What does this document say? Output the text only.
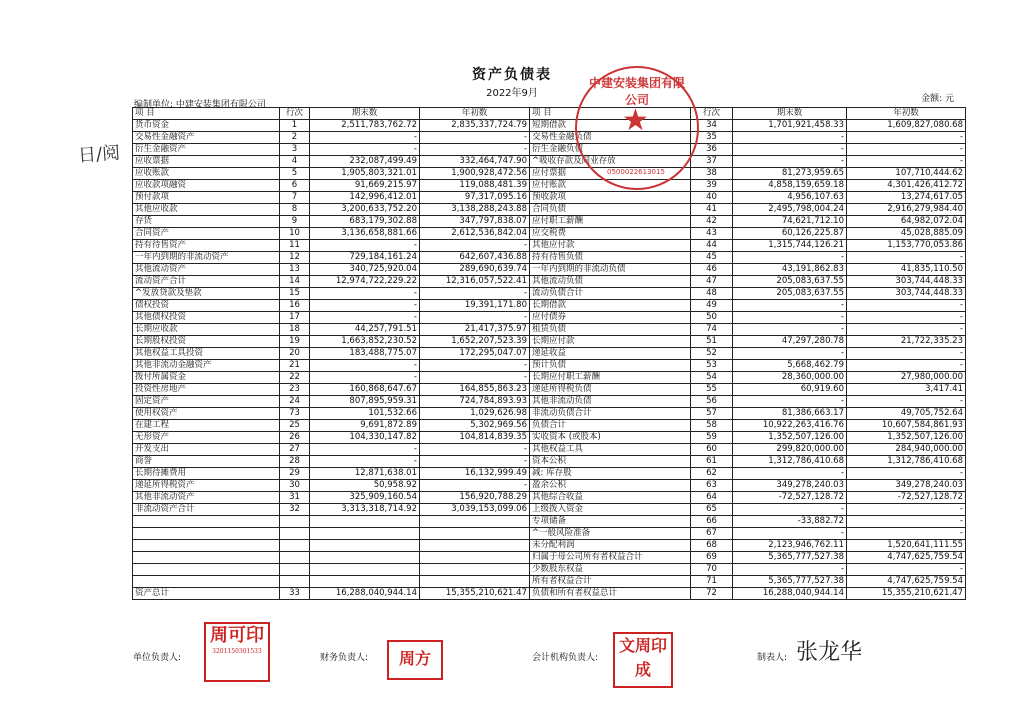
资产负债表
2022年9月
编制单位: 中建安装集团有限公司
金额: 元
日/阅
项 目	行次	期末数	年初数	项 目	行次	期末数	年初数
货币资金	1	2,511,783,762.72	2,835,337,724.79	短期借款	34	1,701,921,458.33	1,609,827,080.68
交易性金融资产	2	-	-	交易性金融负债	35	-	-
衍生金融资产	3	-	-	衍生金融负债	36	-	-
应收票据	4	232,087,499.49	332,464,747.90	^吸收存款及同业存放	37	-	-
应收账款	5	1,905,803,321.01	1,900,928,472.56	应付票据	38	81,273,959.65	107,710,444.62
应收款项融资	6	91,669,215.97	119,088,481.39	应付账款	39	4,858,159,659.18	4,301,426,412.72
预付款项	7	142,996,412.01	97,317,095.16	预收款项	40	4,956,107.63	13,274,617.05
其他应收款	8	3,200,633,752.20	3,138,288,243.88	合同负债	41	2,495,798,004.24	2,916,279,984.40
存货	9	683,179,302.88	347,797,838.07	应付职工薪酬	42	74,621,712.10	64,982,072.04
合同资产	10	3,136,658,881.66	2,612,536,842.04	应交税费	43	60,126,225.87	45,028,885.09
持有待售资产	11	-	-	其他应付款	44	1,315,744,126.21	1,153,770,053.86
一年内到期的非流动资产	12	729,184,161.24	642,607,436.88	持有待售负债	45	-	-
其他流动资产	13	340,725,920.04	289,690,639.74	一年内到期的非流动负债	46	43,191,862.83	41,835,110.50
流动资产合计	14	12,974,722,229.22	12,316,057,522.41	其他流动负债	47	205,083,637.55	303,744,448.33
^发放贷款及垫款	15	-	-	流动负债合计	48	205,083,637.55	303,744,448.33
债权投资	16	-	19,391,171.80	长期借款	49	-	-
其他债权投资	17	-	-	应付债券	50	-	-
长期应收款	18	44,257,791.51	21,417,375.97	租赁负债	74	-	-
长期股权投资	19	1,663,852,230.52	1,652,207,523.39	长期应付款	51	47,297,280.78	21,722,335.23
其他权益工具投资	20	183,488,775.07	172,295,047.07	递延收益	52	-	-
其他非流动金融资产	21	-	-	预计负债	53	5,668,462.79	-
拨付所属资金	22	-	-	长期应付职工薪酬	54	28,360,000.00	27,980,000.00
投资性房地产	23	160,868,647.67	164,855,863.23	递延所得税负债	55	60,919.60	3,417.41
固定资产	24	807,895,959.31	724,784,893.93	其他非流动负债	56	-	-
使用权资产	73	101,532.66	1,029,626.98	非流动负债合计	57	81,386,663.17	49,705,752.64
在建工程	25	9,691,872.89	5,302,969.56	负债合计	58	10,922,263,416.76	10,607,584,861.93
无形资产	26	104,330,147.82	104,814,839.35	实收资本 (或股本)	59	1,352,507,126.00	1,352,507,126.00
开发支出	27	-	-	其他权益工具	60	299,820,000.00	284,940,000.00
商誉	28	-	-	资本公积	61	1,312,786,410.68	1,312,786,410.68
长期待摊费用	29	12,871,638.01	16,132,999.49	减: 库存股	62	-	-
递延所得税资产	30	50,958.92	-	盈余公积	63	349,278,240.03	349,278,240.03
其他非流动资产	31	325,909,160.54	156,920,788.29	其他综合收益	64	-72,527,128.72	-72,527,128.72
非流动资产合计	32	3,313,318,714.92	3,039,153,099.06	上级拨入资金	65	-	-
				专项储备	66	-33,882.72	-
				^一般风险准备	67	-	-
				未分配利润	68	2,123,946,762.11	1,520,641,111.55
				归属于母公司所有者权益合计	69	5,365,777,527.38	4,747,625,759.54
				少数股东权益	70	-	-
				所有者权益合计	71	5,365,777,527.38	4,747,625,759.54
资产总计	33	16,288,040,944.14	15,355,210,621.47	负债和所有者权益总计	72	16,288,040,944.14	15,355,210,621.47
单位负责人:	财务负责人:	会计机构负责人:	制表人: 张龙华
中建安装集团有限公司
★
0500022613015
周可印
3201150301533	周方
文周印成
